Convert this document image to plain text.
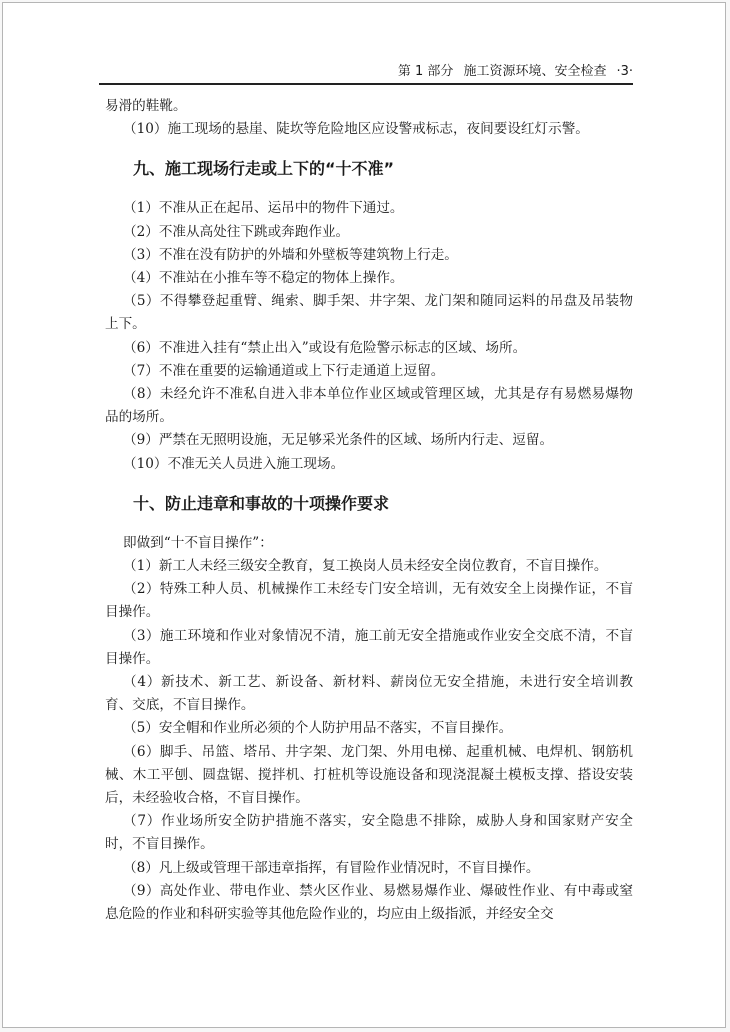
第 1 部分 施工资源环境、安全检查 ·3·

易滑的鞋靴。

（10）施工现场的悬崖、陡坎等危险地区应设警戒标志，夜间要设红灯示警。

九、施工现场行走或上下的“十不准”

（1）不准从正在起吊、运吊中的物件下通过。

（2）不准从高处往下跳或奔跑作业。

（3）不准在没有防护的外墙和外壁板等建筑物上行走。

（4）不准站在小推车等不稳定的物体上操作。

（5）不得攀登起重臂、绳索、脚手架、井字架、龙门架和随同运料的吊盘及吊装物上下。

（6）不准进入挂有“禁止出入”或设有危险警示标志的区域、场所。

（7）不准在重要的运输通道或上下行走通道上逗留。

（8）未经允许不准私自进入非本单位作业区域或管理区域，尤其是存有易燃易爆物品的场所。

（9）严禁在无照明设施，无足够采光条件的区域、场所内行走、逗留。

（10）不准无关人员进入施工现场。

十、防止违章和事故的十项操作要求

即做到“十不盲目操作”：

（1）新工人未经三级安全教育，复工换岗人员未经安全岗位教育，不盲目操作。

（2）特殊工种人员、机械操作工未经专门安全培训，无有效安全上岗操作证，不盲目操作。

（3）施工环境和作业对象情况不清，施工前无安全措施或作业安全交底不清，不盲目操作。

（4）新技术、新工艺、新设备、新材料、薪岗位无安全措施，未进行安全培训教育、交底，不盲目操作。

（5）安全帽和作业所必须的个人防护用品不落实，不盲目操作。

（6）脚手、吊篮、塔吊、井字架、龙门架、外用电梯、起重机械、电焊机、钢筋机械、木工平刨、圆盘锯、搅拌机、打桩机等设施设备和现浇混凝土模板支撑、搭设安装后，未经验收合格，不盲目操作。

（7）作业场所安全防护措施不落实，安全隐患不排除，威胁人身和国家财产安全时，不盲目操作。

（8）凡上级或管理干部违章指挥，有冒险作业情况时，不盲目操作。

（9）高处作业、带电作业、禁火区作业、易燃易爆作业、爆破性作业、有中毒或窒息危险的作业和科研实验等其他危险作业的，均应由上级指派，并经安全交
